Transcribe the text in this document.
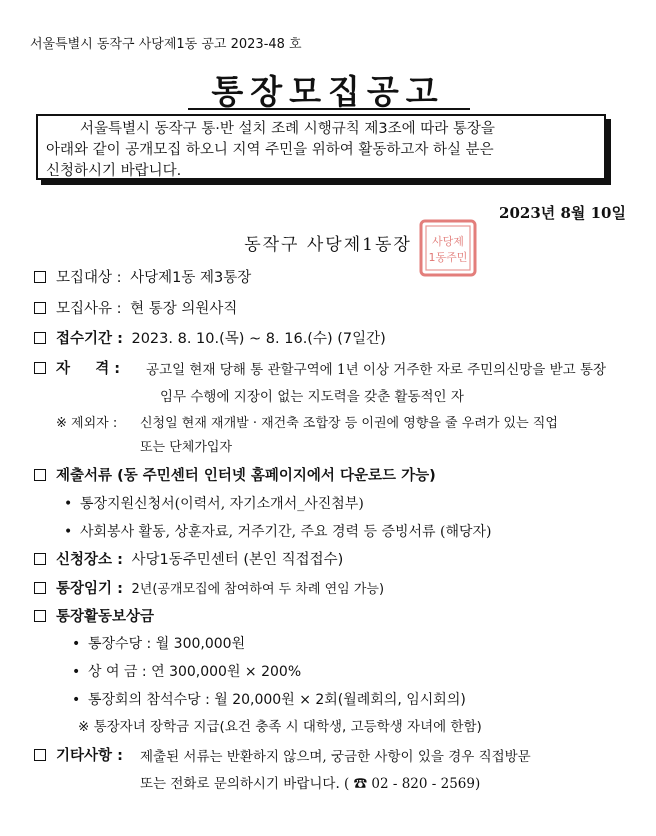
서울특별시 동작구 사당제1동 공고 2023-48 호
통장모집공고
서울특별시 동작구 통·반 설치 조례 시행규칙 제3조에 따라 통장을
아래와 같이 공개모집 하오니 지역 주민을 위하여 활동하고자 하실 분은
신청하시기 바랍니다.
2023년 8월 10일
사당제
1동주민
동작구 사당제1동장
모집대상 : 사당제1동 제3통장
모집사유 : 현 통장 의원사직
접수기간 : 2023. 8. 10.(목) ~ 8. 16.(수) (7일간)
자     격 : 공고일 현재 당해 통 관할구역에 1년 이상 거주한 자로 주민의신망을 받고 통장
임무 수행에 지장이 없는 지도력을 갖춘 활동적인 자
※ 제외자 : 신청일 현재 재개발 · 재건축 조합장 등 이권에 영향을 줄 우려가 있는 직업
또는 단체가입자
제출서류 (동 주민센터 인터넷 홈페이지에서 다운로드 가능)
• 통장지원신청서(이력서, 자기소개서_사진첨부)
• 사회봉사 활동, 상훈자료, 거주기간, 주요 경력 등 증빙서류 (해당자)
신청장소 : 사당1동주민센터 (본인 직접접수)
통장임기 : 2년(공개모집에 참여하여 두 차례 연임 가능)
통장활동보상금
• 통장수당 : 월 300,000원
• 상 여 금 : 연 300,000원 × 200%
• 통장회의 참석수당 : 월 20,000원 × 2회(월례회의, 임시회의)
※ 통장자녀 장학금 지급(요건 충족 시 대학생, 고등학생 자녀에 한함)
기타사항 : 제출된 서류는 반환하지 않으며, 궁금한 사항이 있을 경우 직접방문
또는 전화로 문의하시기 바랍니다. ( ☎ 02 - 820 - 2569)
